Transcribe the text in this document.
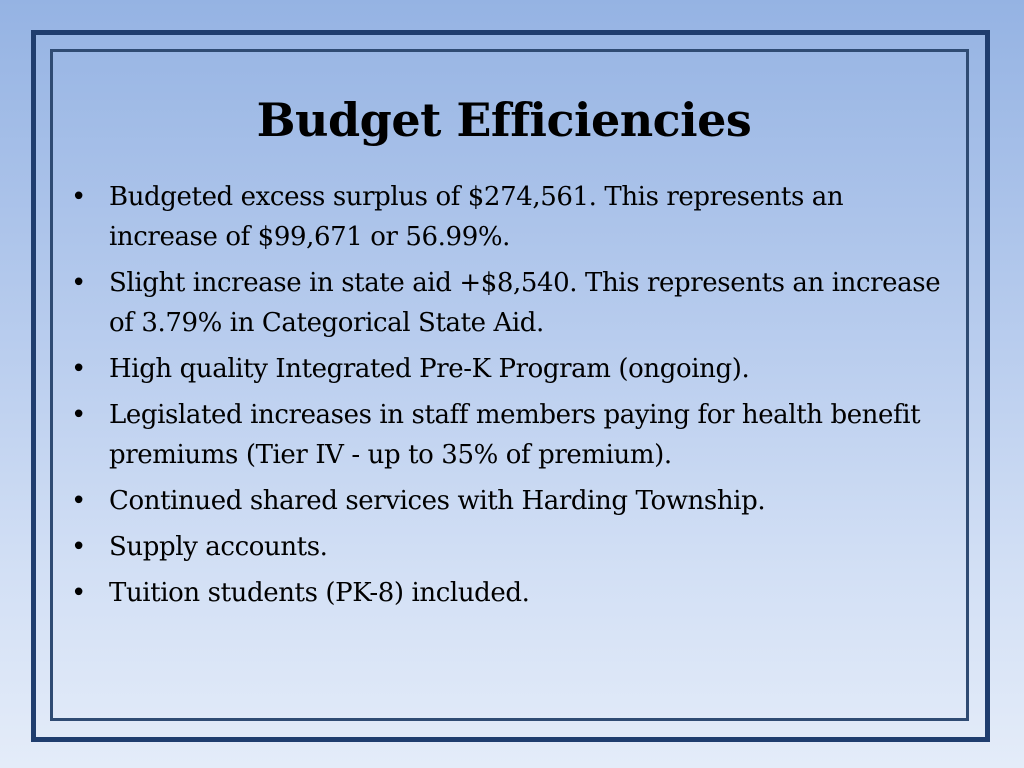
Budget Efficiencies
• Budgeted excess surplus of $274,561. This represents an increase of $99,671 or 56.99%.
• Slight increase in state aid +$8,540. This represents an increase of 3.79% in Categorical State Aid.
• High quality Integrated Pre-K Program (ongoing).
• Legislated increases in staff members paying for health benefit premiums (Tier IV - up to 35% of premium).
• Continued shared services with Harding Township.
• Supply accounts.
• Tuition students (PK-8) included.
